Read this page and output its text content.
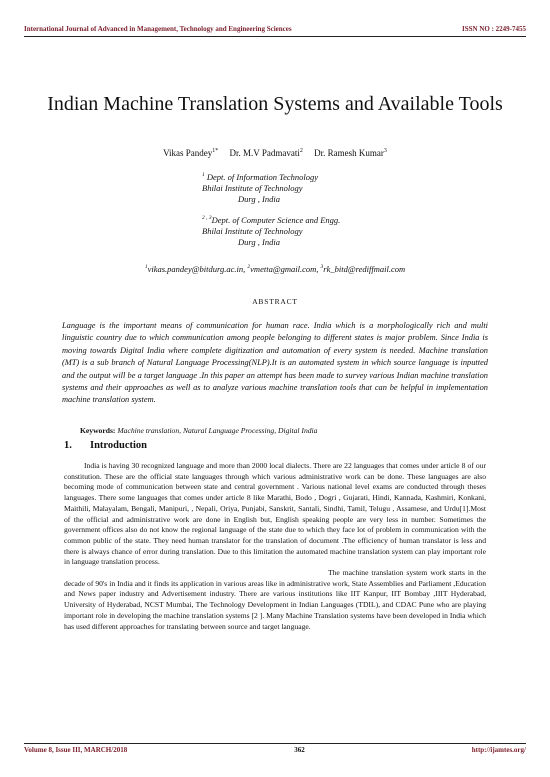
International Journal of Advanced in Management, Technology and Engineering Sciences	ISSN NO : 2249-7455
Indian Machine Translation Systems and Available Tools
Vikas Pandey$^{1*}$ Dr. M.V Padmavati$^2$ Dr. Ramesh Kumar$^3$
$^1$ Dept. of Information Technology
Bhilai Institute of Technology
Durg , India
$^{2 , 3}$Dept. of Computer Science and Engg.
Bhilai Institute of Technology
Durg , India
$^1$vikas.pandey@bitdurg.ac.in, $^2$vmetta@gmail.com, $^3$rk_bitd@rediffmail.com
ABSTRACT
Language is the important means of communication for human race. India which is a morphologically rich and multi linguistic country due to which communication among people belonging to different states is major problem. Since India is moving towards Digital India where complete digitization and automation of every system is needed. Machine translation (MT) is a sub branch of Natural Language Processing(NLP).It is an automated system in which source language is inputted and the output will be a target language .In this paper an attempt has been made to survey various Indian machine translation systems and their approaches as well as to analyze various machine translation tools that can be helpful in implementation machine translation system.
Keywords: Machine translation, Natural Language Processing, Digital India
1. Introduction

India is having 30 recognized language and more than 2000 local dialects. There are 22 languages that comes under article 8 of our constitution. These are the official state languages through which various administrative work can be done. These languages are also becoming mode of communication between state and central government . Various national level exams are conducted through theses languages. There some languages that comes under article 8 like Marathi, Bodo , Dogri , Gujarati, Hindi, Kannada, Kashmiri, Konkani, Maithili, Malayalam, Bengali, Manipuri, , Nepali, Oriya, Punjabi, Sanskrit, Santali, Sindhi, Tamil, Telugu , Assamese, and Urdu[1].Most of the official and administrative work are done in English but, English speaking people are very less in number. Sometimes the government offices also do not know the regional language of the state due to which they face lot of problem in communication with the common public of the state. They need human translator for the translation of document .The efficiency of human translator is less and there is always chance of error during translation. Due to this limitation the automated machine translation system can play important role in language translation process.

The machine translation system work starts in the decade of 90's in India and it finds its application in various areas like in administrative work, State Assemblies and Parliament ,Education and News paper industry and Advertisement industry. There are various institutions like IIT Kanpur, IIT Bombay ,IIIT Hyderabad, University of Hyderabad, NCST Mumbai, The Technology Development in Indian Languages (TDIL), and CDAC Pune who are playing important role in developing the machine translation systems [2 ]. Many Machine Translation systems have been developed in India which has used different approaches for translating between source and target language.

Volume 8, Issue III, MARCH/2018	362	http://ijamtes.org/
